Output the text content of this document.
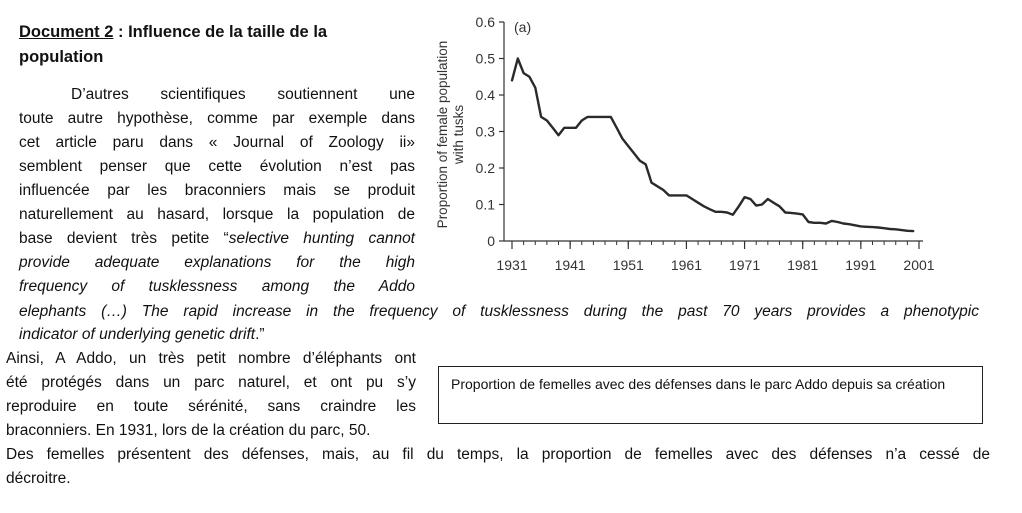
Document 2 : Influence de la taille de la population
D’autres scientifiques soutiennent une
toute autre hypothèse, comme par exemple dans
cet article paru dans « Journal of Zoology ii»
semblent penser que cette évolution n’est pas
influencée par les braconniers mais se produit
naturellement au hasard, lorsque la population de
base devient très petite “selective hunting cannot
provide adequate explanations for the high
frequency of tusklessness among the Addo
elephants (…) The rapid increase in the frequency of tusklessness during the past 70 years provides a phenotypic
indicator of underlying genetic drift.”
Ainsi, A Addo, un très petit nombre d’éléphants ont
été protégés dans un parc naturel, et ont pu s’y
reproduire en toute sérénité, sans craindre les
braconniers. En 1931, lors de la création du parc, 50.
Des femelles présentent des défenses, mais, au fil du temps, la proportion de femelles avec des défenses n’a cessé de
décroitre.
Proportion de femelles avec des défenses dans le parc Addo depuis sa création
0
0.1
0.2
0.3
0.4
0.5
0.6
1931 1941 1951 1961 1971 1981 1991 2001
Proportion of female population with tusks
(a)
